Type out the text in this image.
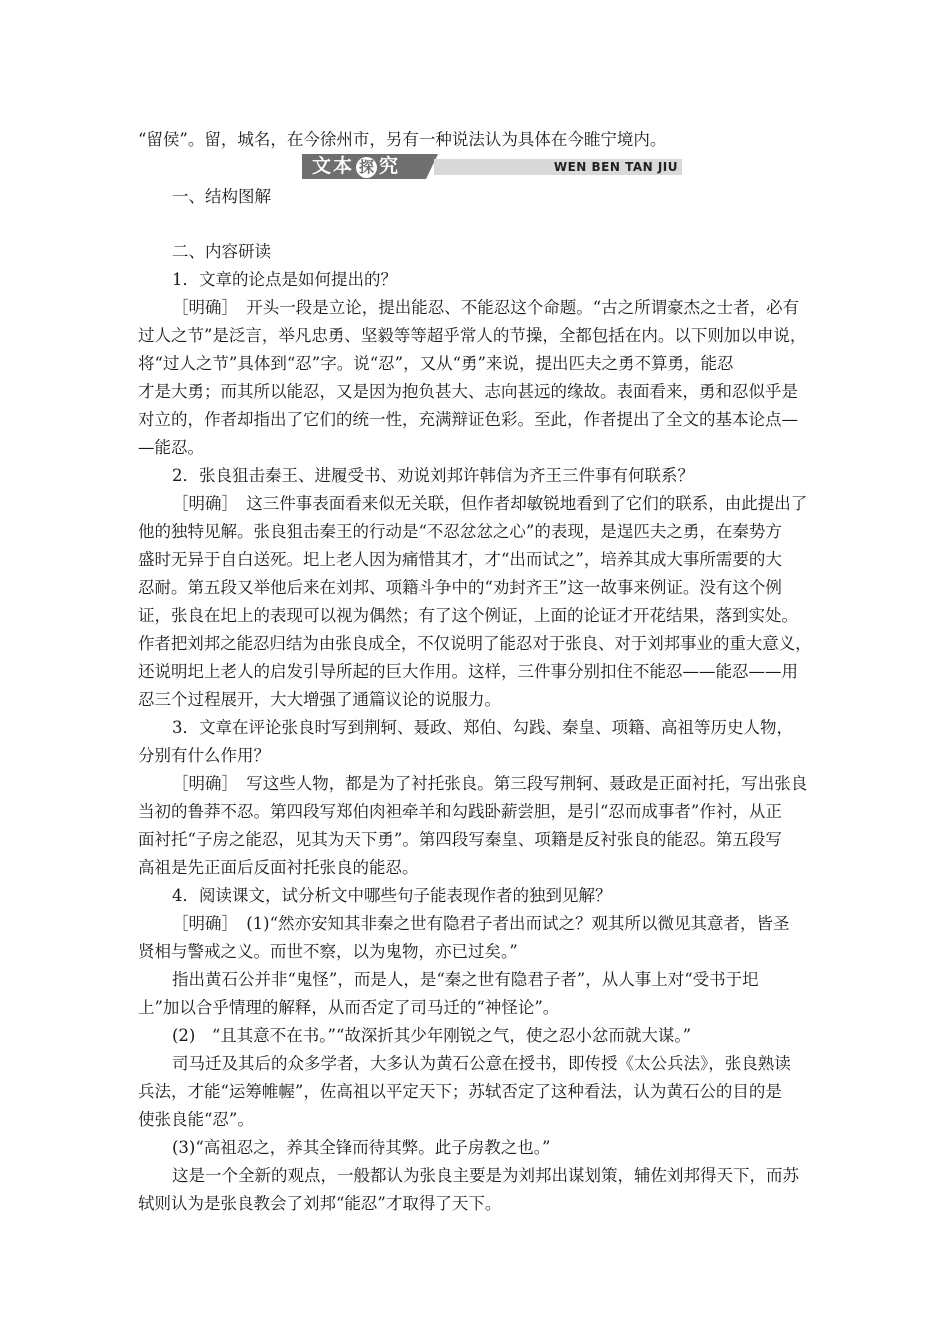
“留侯”。留，城名，在今徐州市，另有一种说法认为具体在今睢宁境内。
文本 探 究	WEN BEN TAN JIU
一、结构图解
二、内容研读
1．文章的论点是如何提出的？
［明确］　开头一段是立论，提出能忍、不能忍这个命题。“古之所谓豪杰之士者，必有
过人之节”是泛言，举凡忠勇、坚毅等等超乎常人的节操，全都包括在内。以下则加以申说，
将“过人之节”具体到“忍”字。说“忍”，又从“勇”来说，提出匹夫之勇不算勇，能忍
才是大勇；而其所以能忍，又是因为抱负甚大、志向甚远的缘故。表面看来，勇和忍似乎是
对立的，作者却指出了它们的统一性，充满辩证色彩。至此，作者提出了全文的基本论点—
—能忍。
2．张良狙击秦王、进履受书、劝说刘邦许韩信为齐王三件事有何联系？
［明确］　这三件事表面看来似无关联，但作者却敏锐地看到了它们的联系，由此提出了
他的独特见解。张良狙击秦王的行动是“不忍忿忿之心”的表现，是逞匹夫之勇，在秦势方
盛时无异于自白送死。圯上老人因为痛惜其才，才“出而试之”，培养其成大事所需要的大
忍耐。第五段又举他后来在刘邦、项籍斗争中的“劝封齐王”这一故事来例证。没有这个例
证，张良在圯上的表现可以视为偶然；有了这个例证，上面的论证才开花结果，落到实处。
作者把刘邦之能忍归结为由张良成全，不仅说明了能忍对于张良、对于刘邦事业的重大意义，
还说明圯上老人的启发引导所起的巨大作用。这样，三件事分别扣住不能忍——能忍——用
忍三个过程展开，大大增强了通篇议论的说服力。
3．文章在评论张良时写到荆轲、聂政、郑伯、勾践、秦皇、项籍、高祖等历史人物，
分别有什么作用？
［明确］　写这些人物，都是为了衬托张良。第三段写荆轲、聂政是正面衬托，写出张良
当初的鲁莽不忍。第四段写郑伯肉袒牵羊和勾践卧薪尝胆，是引“忍而成事者”作衬，从正
面衬托“子房之能忍，见其为天下勇”。第四段写秦皇、项籍是反衬张良的能忍。第五段写
高祖是先正面后反面衬托张良的能忍。
4．阅读课文，试分析文中哪些句子能表现作者的独到见解？
［明确］　(1)“然亦安知其非秦之世有隐君子者出而试之？观其所以微见其意者，皆圣
贤相与警戒之义。而世不察，以为鬼物，亦已过矣。”
指出黄石公并非“鬼怪”，而是人，是“秦之世有隐君子者”，从人事上对“受书于圯
上”加以合乎情理的解释，从而否定了司马迁的“神怪论”。
(2)　“且其意不在书。”“故深折其少年刚锐之气，使之忍小忿而就大谋。”
司马迁及其后的众多学者，大多认为黄石公意在授书，即传授《太公兵法》，张良熟读
兵法，才能“运筹帷幄”，佐高祖以平定天下；苏轼否定了这种看法，认为黄石公的目的是
使张良能“忍”。
(3)“高祖忍之，养其全锋而待其弊。此子房教之也。”
这是一个全新的观点，一般都认为张良主要是为刘邦出谋划策，辅佐刘邦得天下，而苏
轼则认为是张良教会了刘邦“能忍”才取得了天下。
